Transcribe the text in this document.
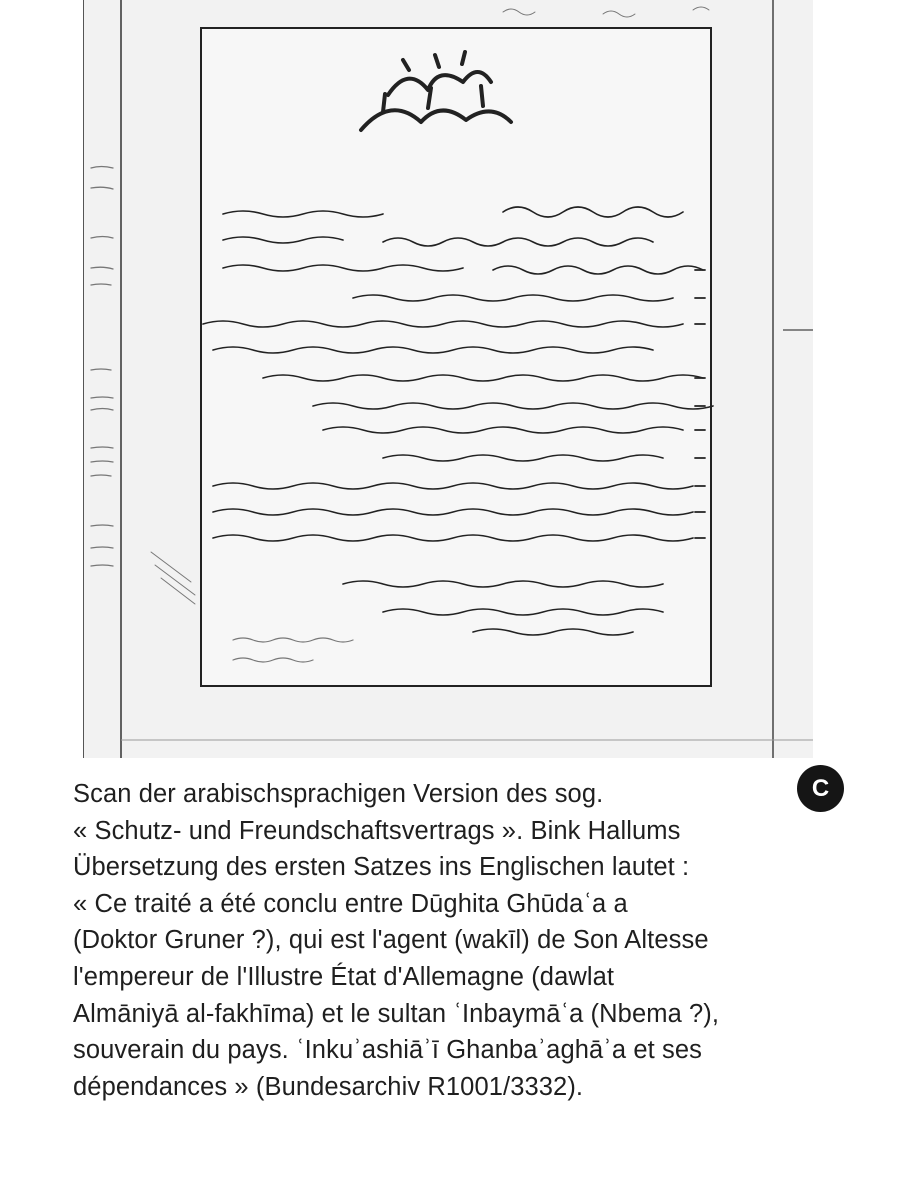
Scan der arabischsprachigen Version des sog.
« Schutz- und Freundschaftsvertrags ». Bink Hallums
Übersetzung des ersten Satzes ins Englischen lautet :
« Ce traité a été conclu entre Dūghita Ghūdaʿa a
(Doktor Gruner ?), qui est l'agent (wakīl) de Son Altesse
l'empereur de l'Illustre État d'Allemagne (dawlat
Almāniyā al-fakhīma) et le sultan ʿInbaymāʿa (Nbema ?),
souverain du pays. ʿInkuʾashiāʾī Ghanbaʾaghāʾa et ses
dépendances » (Bundesarchiv R1001/3332).
C
